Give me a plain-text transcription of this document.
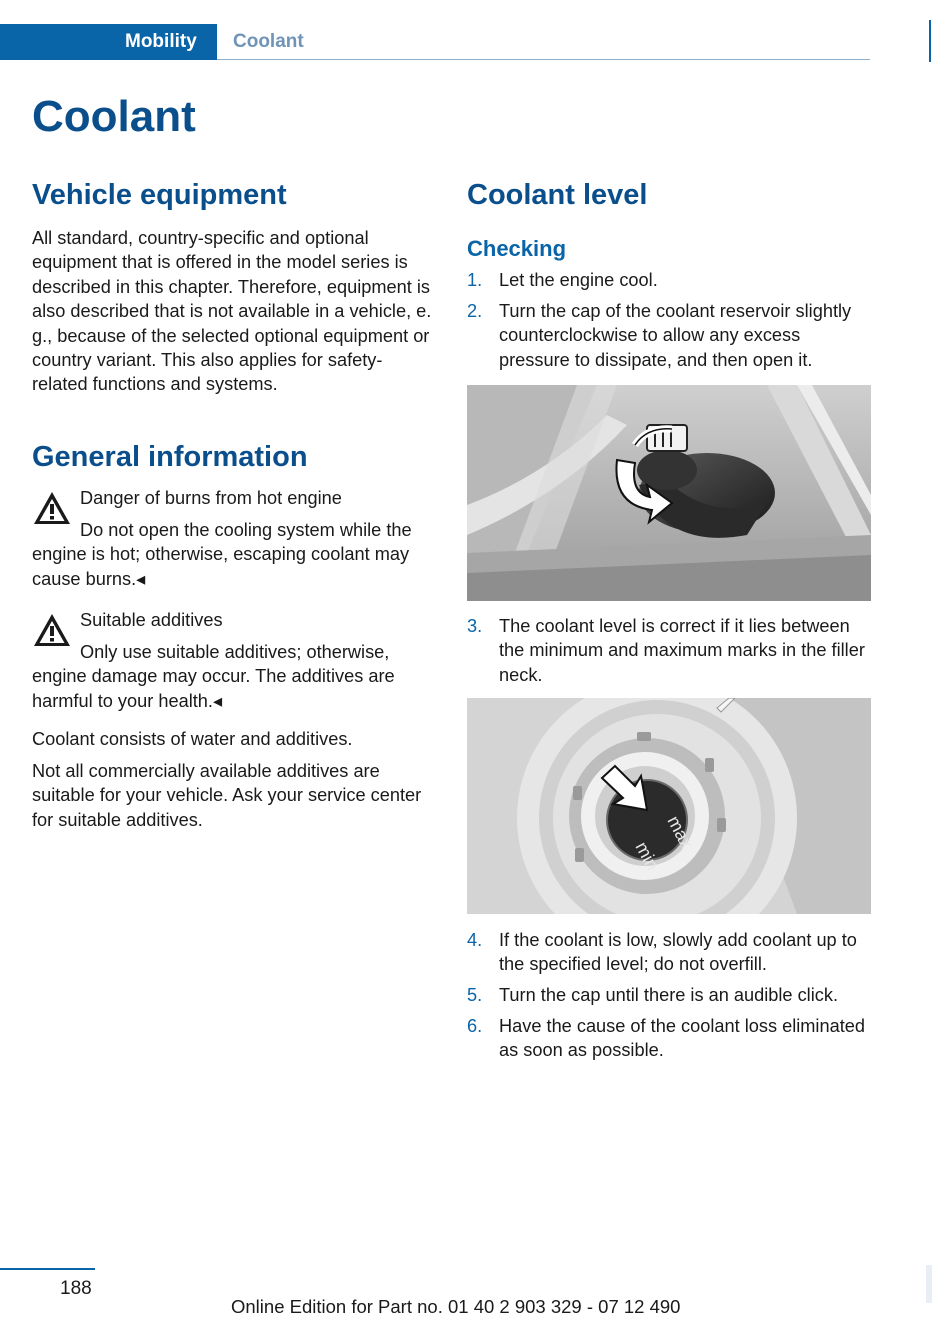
Mobility	Coolant
Coolant
Vehicle equipment

All standard, country-specific and optional equipment that is offered in the model series is described in this chapter. Therefore, equipment is also described that is not available in a vehicle, e. g., because of the selected optional equipment or country variant. This also applies for safety-related functions and systems.

General information
Danger of burns from hot engine

Do not open the cooling system while the engine is hot; otherwise, escaping coolant may cause burns.◂

Suitable additives

Only use suitable additives; otherwise, engine damage may occur. The additives are harmful to your health.◂

Coolant consists of water and additives.

Not all commercially available additives are suitable for your vehicle. Ask your service center for suitable additives.

Coolant level
Checking
1. Let the engine cool.
2. Turn the cap of the coolant reservoir slightly counterclockwise to allow any excess pressure to dissipate, and then open it.
3. The coolant level is correct if it lies between the minimum and maximum marks in the filler neck.
max
min
4. If the coolant is low, slowly add coolant up to the specified level; do not overfill.
5. Turn the cap until there is an audible click.
6. Have the cause of the coolant loss eliminated as soon as possible.
188
Online Edition for Part no. 01 40 2 903 329 - 07 12 490
